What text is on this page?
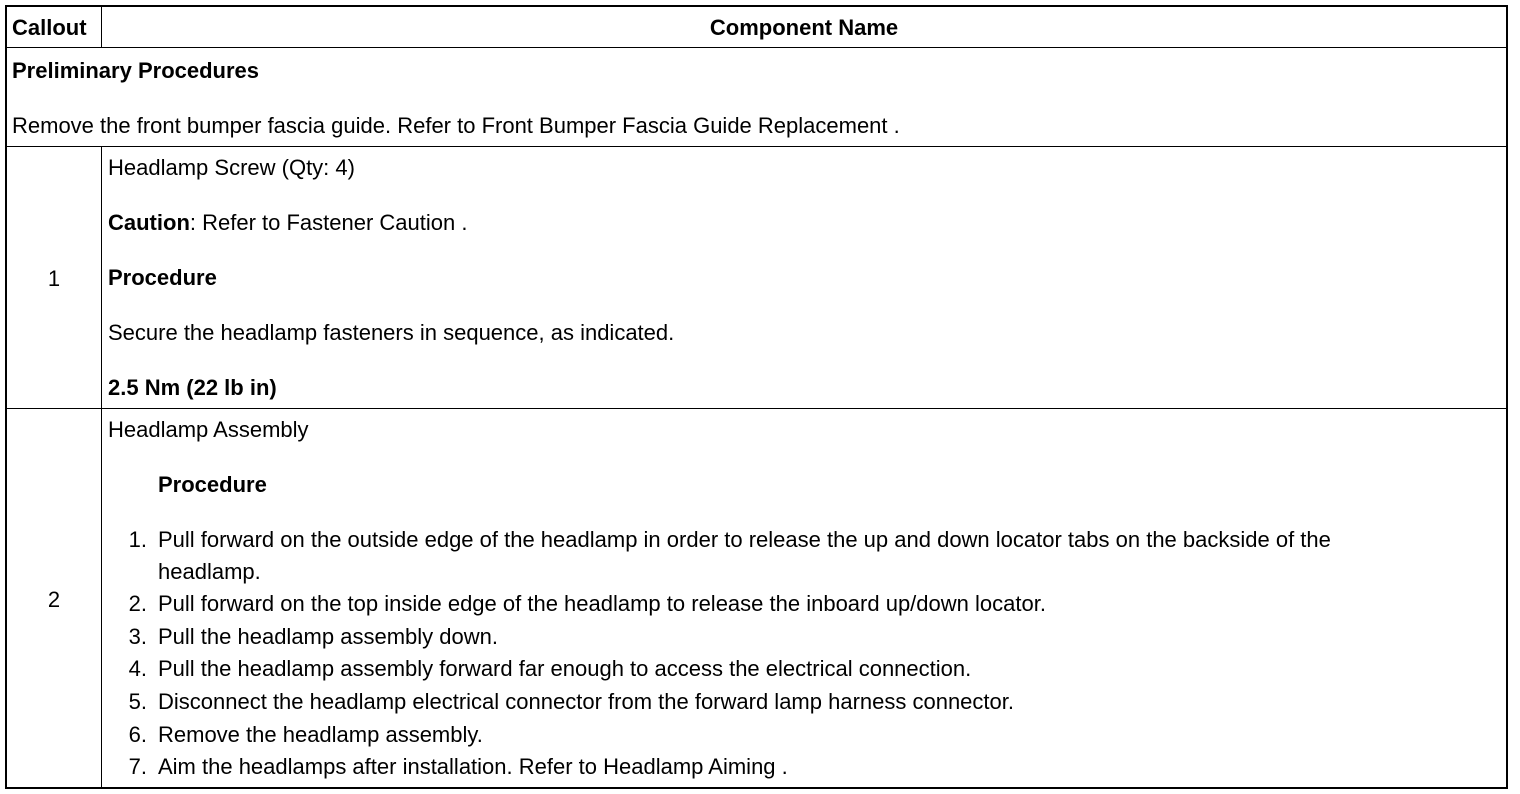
Callout	Component Name
Preliminary Procedures
Remove the front bumper fascia guide. Refer to Front Bumper Fascia Guide Replacement .
1
Headlamp Screw (Qty: 4)
Caution: Refer to Fastener Caution .
Procedure
Secure the headlamp fasteners in sequence, as indicated.
2.5 Nm (22 lb in)
2
Headlamp Assembly
Procedure
1. Pull forward on the outside edge of the headlamp in order to release the up and down locator tabs on the backside of the
headlamp.
2. Pull forward on the top inside edge of the headlamp to release the inboard up/down locator.
3. Pull the headlamp assembly down.
4. Pull the headlamp assembly forward far enough to access the electrical connection.
5. Disconnect the headlamp electrical connector from the forward lamp harness connector.
6. Remove the headlamp assembly.
7. Aim the headlamps after installation. Refer to Headlamp Aiming .
